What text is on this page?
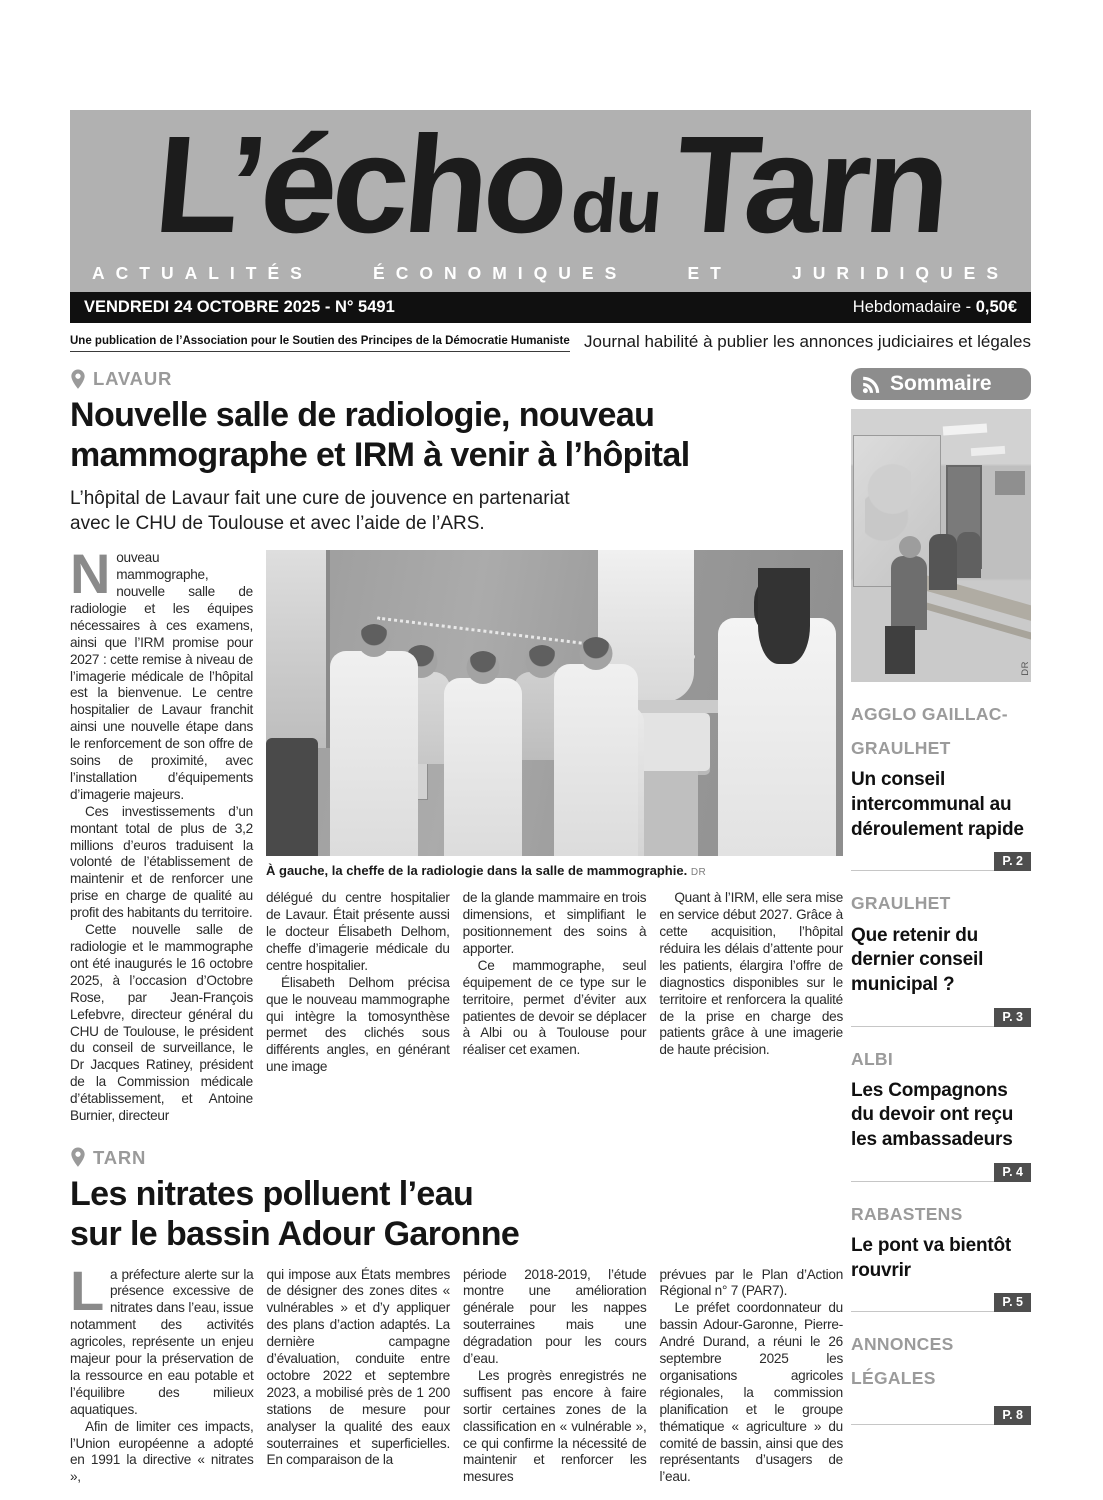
L’échoduTarn
ACTUALITÉS ÉCONOMIQUES ET JURIDIQUES
VENDREDI 24 OCTOBRE 2025 - N° 5491	Hebdomadaire - 0,50€
Une publication de l’Association pour le Soutien des Principes de la Démocratie Humaniste Journal habilité à publier les annonces judiciaires et légales
LAVAUR
Nouvelle salle de radiologie, nouveau
mammographe et IRM à venir à l’hôpital
L’hôpital de Lavaur fait une cure de jouvence en partenariat
avec le CHU de Toulouse et avec l’aide de l’ARS.

Nouveau mammographe, nouvelle salle de radiologie et les équipes nécessaires à ces examens, ainsi que l’IRM promise pour 2027 : cette remise à niveau de l’imagerie médicale de l’hôpital est la bienvenue. Le centre hospitalier de Lavaur franchit ainsi une nouvelle étape dans le renforcement de son offre de soins de proximité, avec l’installation d’équipements d’imagerie majeurs.

Ces investissements d’un montant total de plus de 3,2 millions d’euros traduisent la volonté de l’établissement de maintenir et de renforcer une prise en charge de qualité au profit des habitants du territoire.

Cette nouvelle salle de radiologie et le mammographe ont été inaugurés le 16 octobre 2025, à l’occasion d’Octobre Rose, par Jean-François Lefebvre, directeur général du CHU de Toulouse, le président du conseil de surveillance, le Dr Jacques Ratiney, président de la Commission médicale d’établissement, et Antoine Burnier, directeur

À gauche, la cheffe de la radiologie dans la salle de mammographie. DR

délégué du centre hospitalier de Lavaur. Était présente aussi le docteur Élisabeth Delhom, cheffe d’imagerie médicale du centre hospitalier.

Élisabeth Delhom précisa que le nouveau mammographe qui intègre la tomosynthèse permet des clichés sous différents angles, en générant une image

de la glande mammaire en trois dimensions, et simplifiant le positionnement des soins à apporter.

Ce mammographe, seul équipement de ce type sur le territoire, permet d’éviter aux patientes de devoir se déplacer à Albi ou à Toulouse pour réaliser cet examen.

Quant à l’IRM, elle sera mise en service début 2027. Grâce à cette acquisition, l’hôpital réduira les délais d’attente pour les patients, élargira l’offre de diagnostics disponibles sur le territoire et renforcera la qualité de la prise en charge des patients grâce à une imagerie de haute précision.

TARN
Les nitrates polluent l’eau
sur le bassin Adour Garonne

La préfecture alerte sur la présence excessive de nitrates dans l’eau, issue notamment des activités agricoles, représente un enjeu majeur pour la préservation de la ressource en eau potable et l’équilibre des milieux aquatiques.

Afin de limiter ces impacts, l’Union européenne a adopté en 1991 la directive « nitrates »,

qui impose aux États membres de désigner des zones dites « vulnérables » et d’y appliquer des plans d’action adaptés. La dernière campagne d’évaluation, conduite entre octobre 2022 et septembre 2023, a mobilisé près de 1 200 stations de mesure pour analyser la qualité des eaux souterraines et superficielles. En comparaison de la

période 2018-2019, l’étude montre une amélioration générale pour les nappes souterraines mais une dégradation pour les cours d’eau.

Les progrès enregistrés ne suffisent pas encore à faire sortir certaines zones de la classification en « vulnérable », ce qui confirme la nécessité de maintenir et renforcer les mesures

prévues par le Plan d’Action Régional n° 7 (PAR7).

Le préfet coordonnateur du bassin Adour-Garonne, Pierre-André Durand, a réuni le 26 septembre 2025 les organisations agricoles régionales, la commission planification et le groupe thématique « agriculture » du comité de bassin, ainsi que des représentants d’usagers de l’eau.

Sommaire
DR
AGGLO GAILLAC-GRAULHET
Un conseil intercommunal au déroulement rapide
P. 2
GRAULHET
Que retenir du dernier conseil municipal ?
P. 3
ALBI
Les Compagnons du devoir ont reçu les ambassadeurs
P. 4
RABASTENS
Le pont va bientôt rouvrir
P. 5
ANNONCES LÉGALES
P. 8
